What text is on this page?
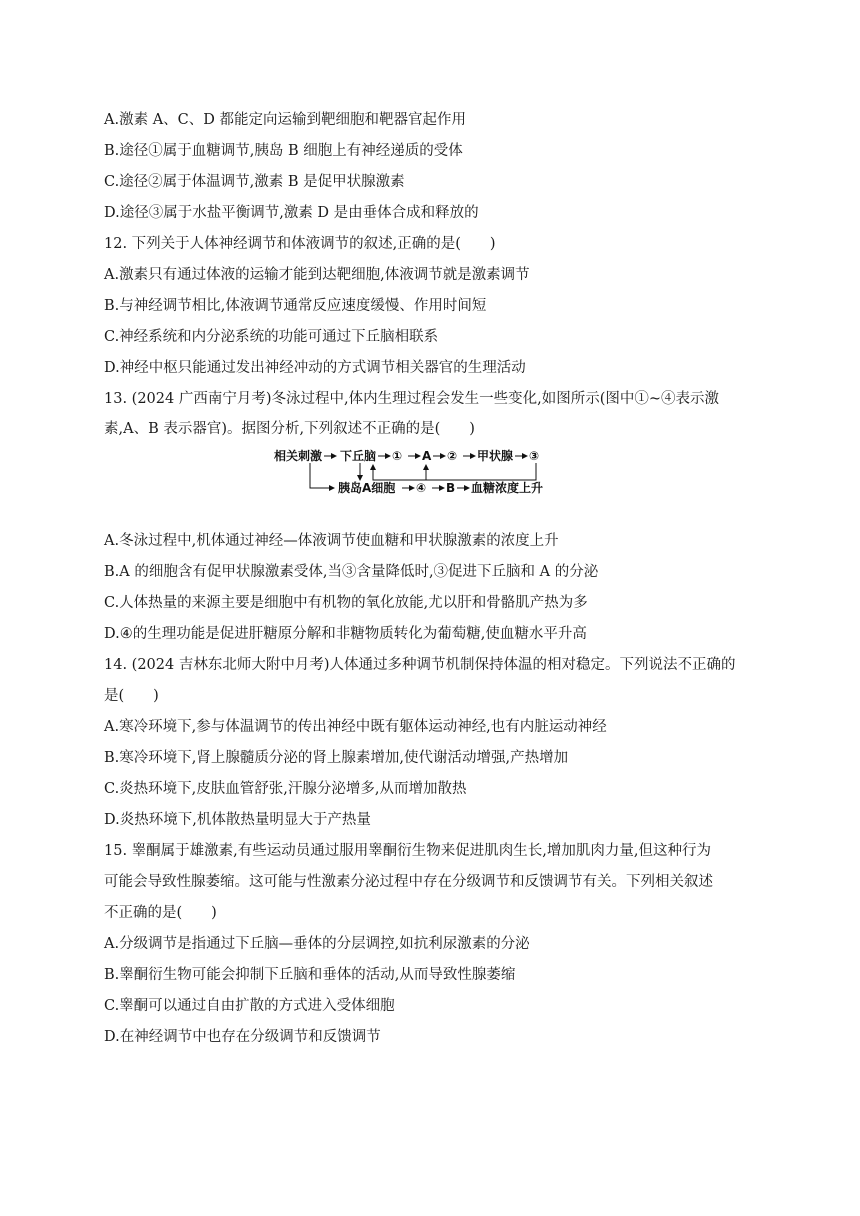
A.激素 A、C、D 都能定向运输到靶细胞和靶器官起作用
B.途径①属于血糖调节,胰岛 B 细胞上有神经递质的受体
C.途径②属于体温调节,激素 B 是促甲状腺激素
D.途径③属于水盐平衡调节,激素 D 是由垂体合成和释放的
12. 下列关于人体神经调节和体液调节的叙述,正确的是(　　)
A.激素只有通过体液的运输才能到达靶细胞,体液调节就是激素调节
B.与神经调节相比,体液调节通常反应速度缓慢、作用时间短
C.神经系统和内分泌系统的功能可通过下丘脑相联系
D.神经中枢只能通过发出神经冲动的方式调节相关器官的生理活动
13. (2024 广西南宁月考)冬泳过程中,体内生理过程会发生一些变化,如图所示(图中①~④表示激
素,A、B 表示器官)。据图分析,下列叙述不正确的是(　　)
相关刺激 下丘脑 ① A ② 甲状腺 ③
胰岛A细胞 ④ B 血糖浓度上升
A.冬泳过程中,机体通过神经—体液调节使血糖和甲状腺激素的浓度上升
B.A 的细胞含有促甲状腺激素受体,当③含量降低时,③促进下丘脑和 A 的分泌
C.人体热量的来源主要是细胞中有机物的氧化放能,尤以肝和骨骼肌产热为多
D.④的生理功能是促进肝糖原分解和非糖物质转化为葡萄糖,使血糖水平升高
14. (2024 吉林东北师大附中月考)人体通过多种调节机制保持体温的相对稳定。下列说法不正确的
是(　　)
A.寒冷环境下,参与体温调节的传出神经中既有躯体运动神经,也有内脏运动神经
B.寒冷环境下,肾上腺髓质分泌的肾上腺素增加,使代谢活动增强,产热增加
C.炎热环境下,皮肤血管舒张,汗腺分泌增多,从而增加散热
D.炎热环境下,机体散热量明显大于产热量
15. 睾酮属于雄激素,有些运动员通过服用睾酮衍生物来促进肌肉生长,增加肌肉力量,但这种行为
可能会导致性腺萎缩。这可能与性激素分泌过程中存在分级调节和反馈调节有关。下列相关叙述
不正确的是(　　)
A.分级调节是指通过下丘脑—垂体的分层调控,如抗利尿激素的分泌
B.睾酮衍生物可能会抑制下丘脑和垂体的活动,从而导致性腺萎缩
C.睾酮可以通过自由扩散的方式进入受体细胞
D.在神经调节中也存在分级调节和反馈调节
